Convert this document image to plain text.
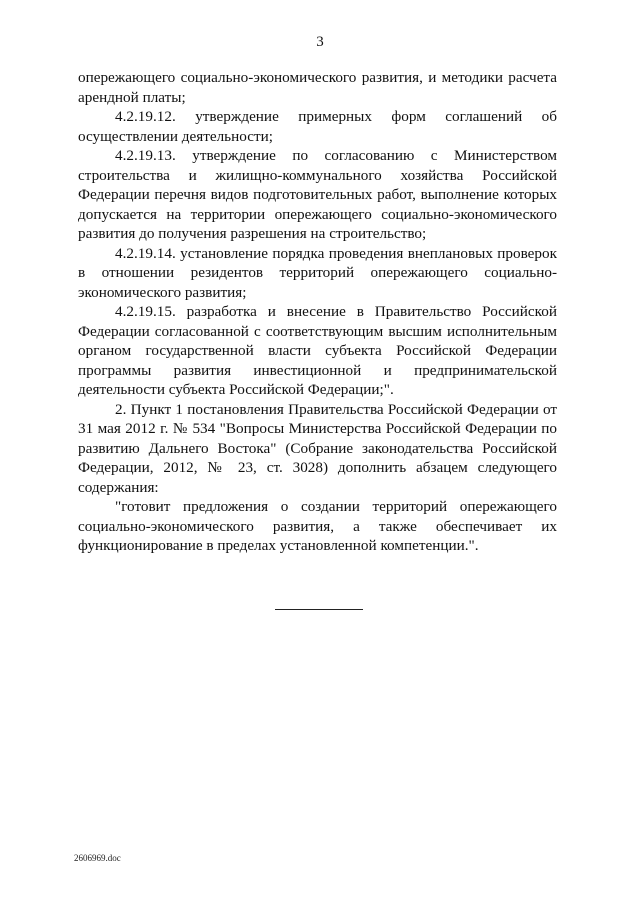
3

опережающего социально-экономического развития, и методики расчета арендной платы;

4.2.19.12. утверждение примерных форм соглашений об осуществлении деятельности;

4.2.19.13. утверждение по согласованию с Министерством строительства и жилищно-коммунального хозяйства Российской Федерации перечня видов подготовительных работ, выполнение которых допускается на территории опережающего социально-экономического развития до получения разрешения на строительство;

4.2.19.14. установление порядка проведения внеплановых проверок в отношении резидентов территорий опережающего социально-экономического развития;

4.2.19.15. разработка и внесение в Правительство Российской Федерации согласованной с соответствующим высшим исполнительным органом государственной власти субъекта Российской Федерации программы развития инвестиционной и предпринимательской деятельности субъекта Российской Федерации;".

2. Пункт 1 постановления Правительства Российской Федерации от 31 мая 2012 г. № 534 "Вопросы Министерства Российской Федерации по развитию Дальнего Востока" (Собрание законодательства Российской Федерации, 2012, № 23, ст. 3028) дополнить абзацем следующего содержания:

"готовит предложения о создании территорий опережающего социально-экономического развития, а также обеспечивает их функционирование в пределах установленной компетенции.".

2606969.doc
